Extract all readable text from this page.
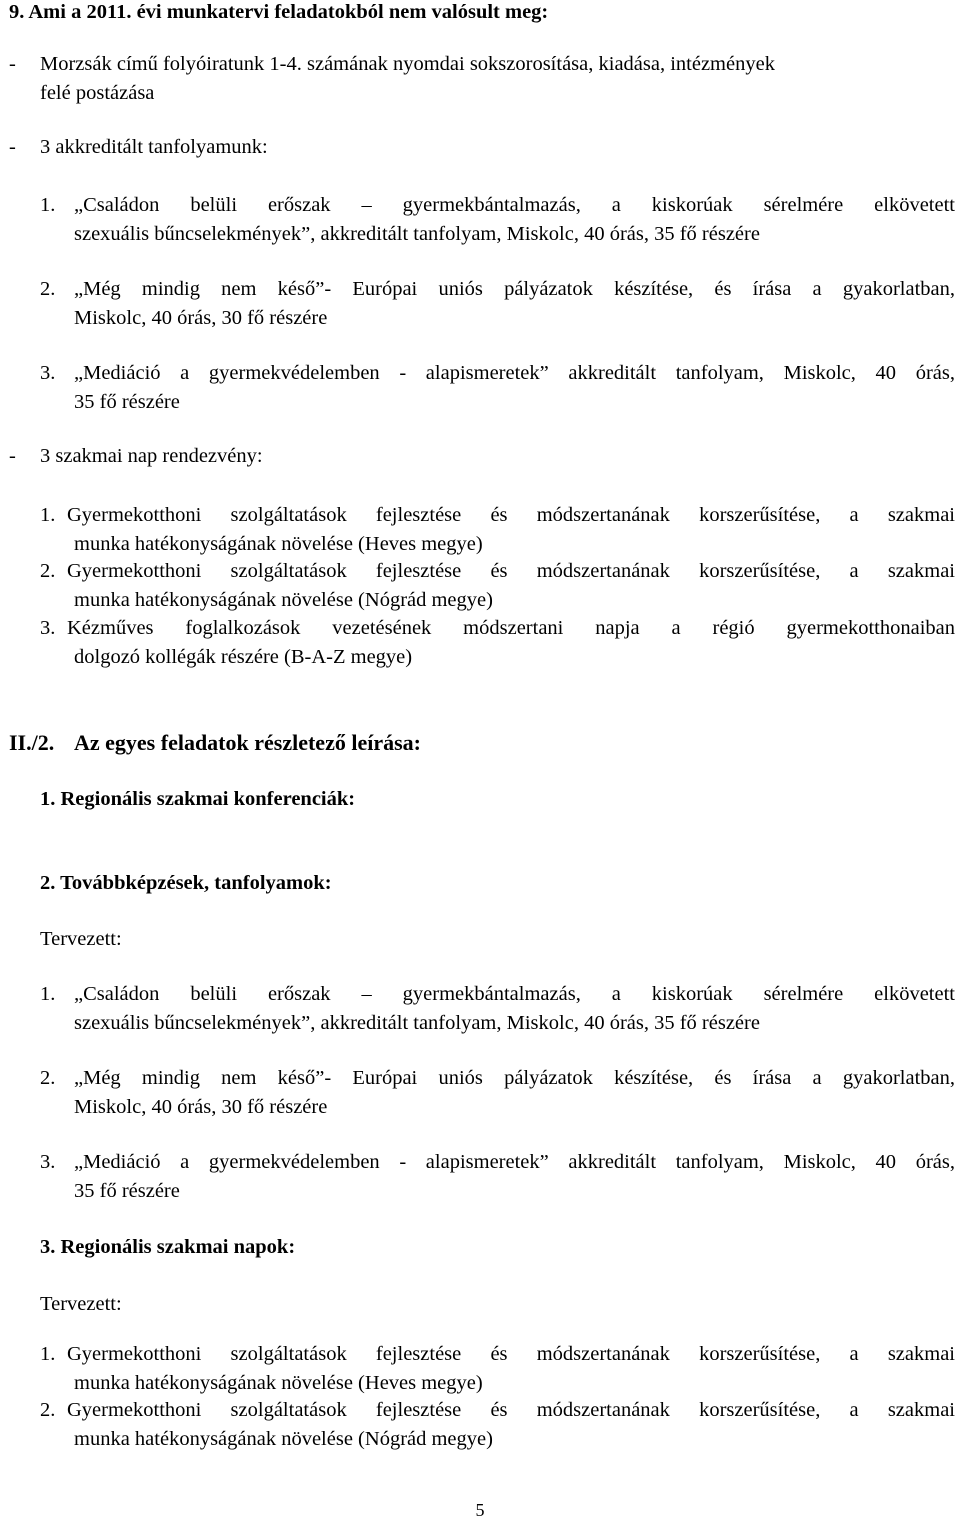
9. Ami a 2011. évi munkatervi feladatokból nem valósult meg:

- Morzsák című folyóiratunk 1-4. számának nyomdai sokszorosítása, kiadása, intézmények

felé postázása

- 3 akkreditált tanfolyamunk:

1. „Családon belüli erőszak – gyermekbántalmazás, a kiskorúak sérelmére elkövetett

szexuális bűncselekmények”, akkreditált tanfolyam, Miskolc, 40 órás, 35 fő részére

2. „Még mindig nem késő”- Európai uniós pályázatok készítése, és írása a gyakorlatban,

Miskolc, 40 órás, 30 fő részére

3. „Mediáció a gyermekvédelemben - alapismeretek” akkreditált tanfolyam, Miskolc, 40 órás,

35 fő részére

- 3 szakmai nap rendezvény:

1. Gyermekotthoni szolgáltatások fejlesztése és módszertanának korszerűsítése, a szakmai

munka hatékonyságának növelése (Heves megye)

2. Gyermekotthoni szolgáltatások fejlesztése és módszertanának korszerűsítése, a szakmai

munka hatékonyságának növelése (Nógrád megye)

3. Kézműves foglalkozások vezetésének módszertani napja a régió gyermekotthonaiban

dolgozó kollégák részére (B-A-Z megye)

II./2. Az egyes feladatok részletező leírása:

1. Regionális szakmai konferenciák:

2. Továbbképzések, tanfolyamok:

Tervezett:

1. „Családon belüli erőszak – gyermekbántalmazás, a kiskorúak sérelmére elkövetett

szexuális bűncselekmények”, akkreditált tanfolyam, Miskolc, 40 órás, 35 fő részére

2. „Még mindig nem késő”- Európai uniós pályázatok készítése, és írása a gyakorlatban,

Miskolc, 40 órás, 30 fő részére

3. „Mediáció a gyermekvédelemben - alapismeretek” akkreditált tanfolyam, Miskolc, 40 órás,

35 fő részére

3. Regionális szakmai napok:

Tervezett:

1. Gyermekotthoni szolgáltatások fejlesztése és módszertanának korszerűsítése, a szakmai

munka hatékonyságának növelése (Heves megye)

2. Gyermekotthoni szolgáltatások fejlesztése és módszertanának korszerűsítése, a szakmai

munka hatékonyságának növelése (Nógrád megye)

5
